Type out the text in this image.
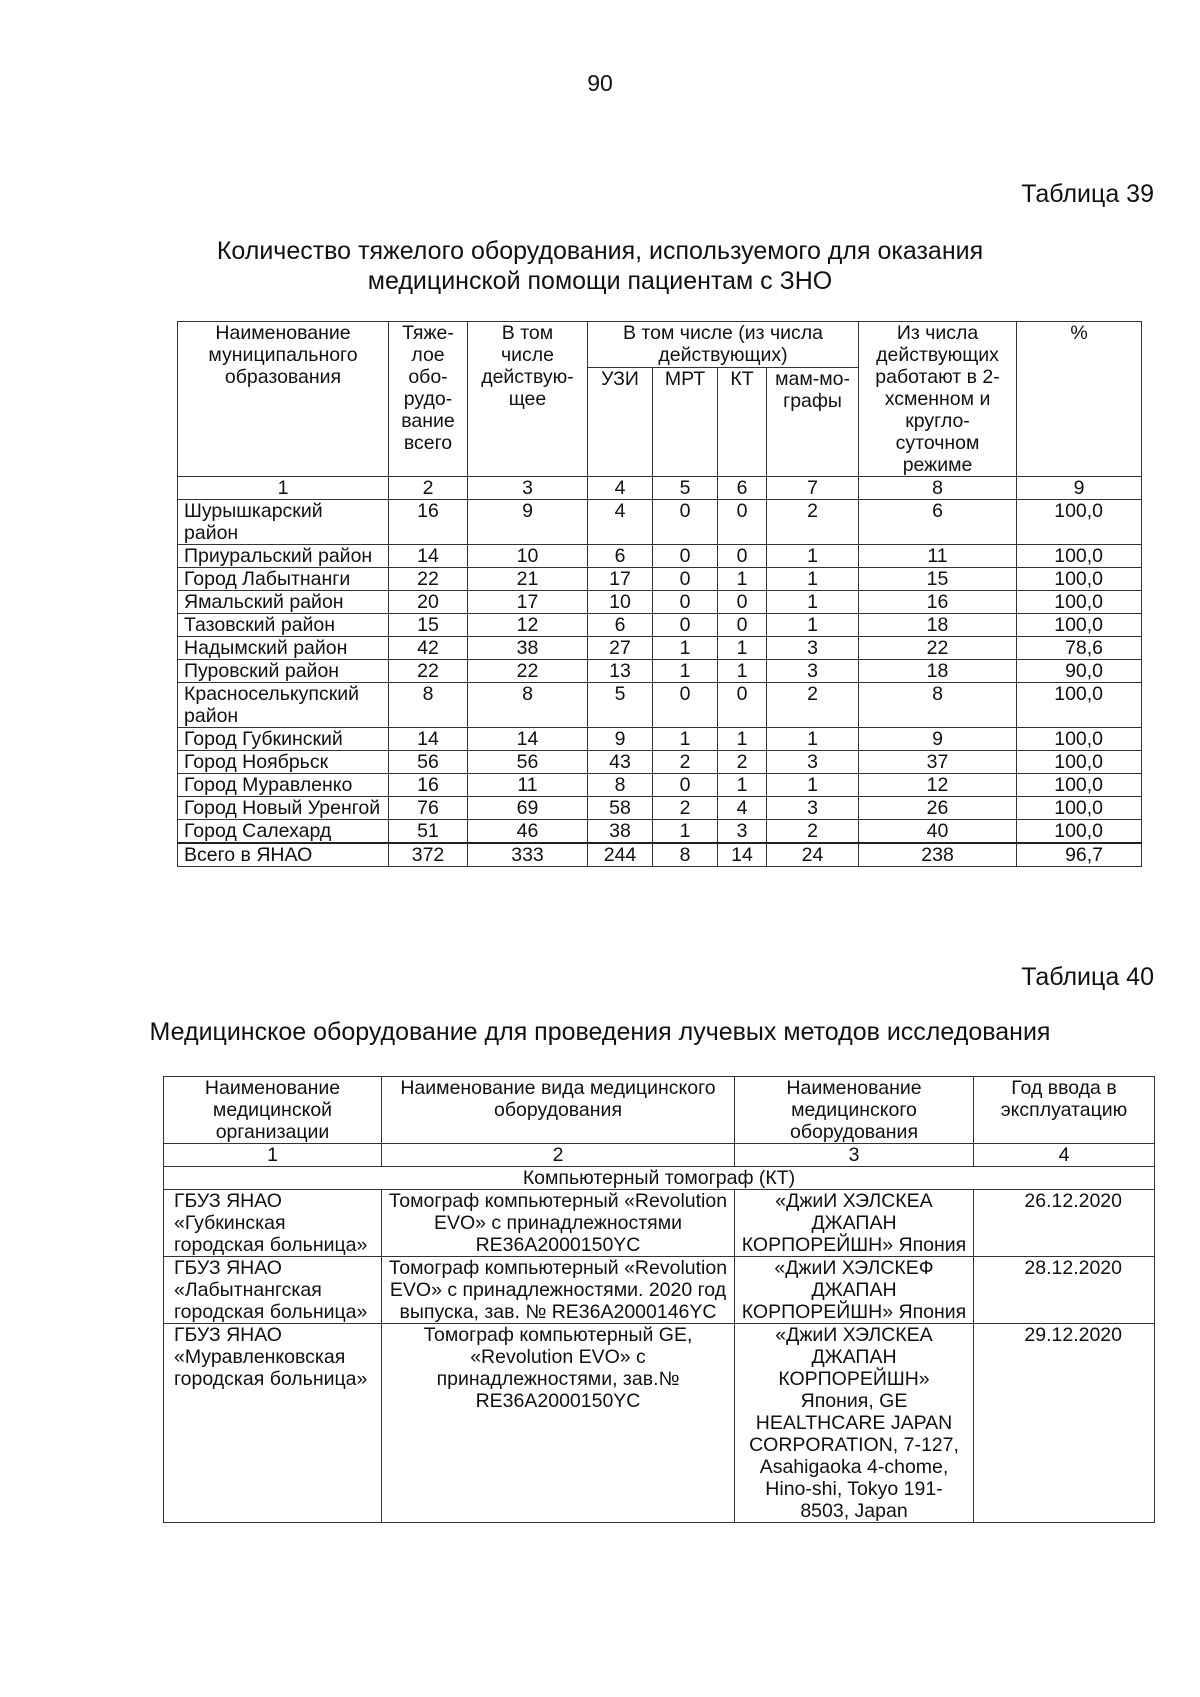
90
Таблица 39
Количество тяжелого оборудования, используемого для оказания
медицинской помощи пациентам с ЗНО
Наименование муниципального образования	Тяже-лое обо-рудо-вание всего	В том числе действую-щее	В том числе (из числа действующих)				Из числа действующих работают в 2-хсменном и кругло-суточном режиме	%
			УЗИ	МРТ	КТ	мам-мо-графы		
1	2	3	4	5	6	7	8	9
Шурышкарский район	16	9	4	0	0	2	6	100,0
Приуральский район	14	10	6	0	0	1	11	100,0
Город Лабытнанги	22	21	17	0	1	1	15	100,0
Ямальский район	20	17	10	0	0	1	16	100,0
Тазовский район	15	12	6	0	0	1	18	100,0
Надымский район	42	38	27	1	1	3	22	78,6
Пуровский район	22	22	13	1	1	3	18	90,0
Красноселькупский район	8	8	5	0	0	2	8	100,0
Город Губкинский	14	14	9	1	1	1	9	100,0
Город Ноябрьск	56	56	43	2	2	3	37	100,0
Город Муравленко	16	11	8	0	1	1	12	100,0
Город Новый Уренгой	76	69	58	2	4	3	26	100,0
Город Салехард	51	46	38	1	3	2	40	100,0
Всего в ЯНАО	372	333	244	8	14	24	238	96,7
Таблица 40
Медицинское оборудование для проведения лучевых методов исследования
Наименование медицинской организации	Наименование вида медицинского оборудования	Наименование медицинского оборудования	Год ввода в эксплуатацию
1	2	3	4
Компьютерный томограф (КТ)			
ГБУЗ ЯНАО «Губкинская городская больница»	Томограф компьютерный «Revolution EVO» с принадлежностями RE36A2000150YC	«ДжиИ ХЭЛСКЕА ДЖАПАН КОРПОРЕЙШН» Япония	26.12.2020
ГБУЗ ЯНАО «Лабытнангская городская больница»	Томограф компьютерный «Revolution EVO» с принадлежностями. 2020 год выпуска, зав. № RE36A2000146YC	«ДжиИ ХЭЛСКЕФ ДЖАПАН КОРПОРЕЙШН» Япония	28.12.2020
ГБУЗ ЯНАО «Муравленковская городская больница»	Томограф компьютерный GE, «Revolution EVO» с принадлежностями, зав.№ RE36A2000150YC	«ДжиИ ХЭЛСКЕА ДЖАПАН КОРПОРЕЙШН» Япония, GE HEALTHCARE JAPAN CORPORATION, 7-127, Asahigaoka 4-chome, Hino-shi, Tokyo 191-8503, Japan	29.12.2020
